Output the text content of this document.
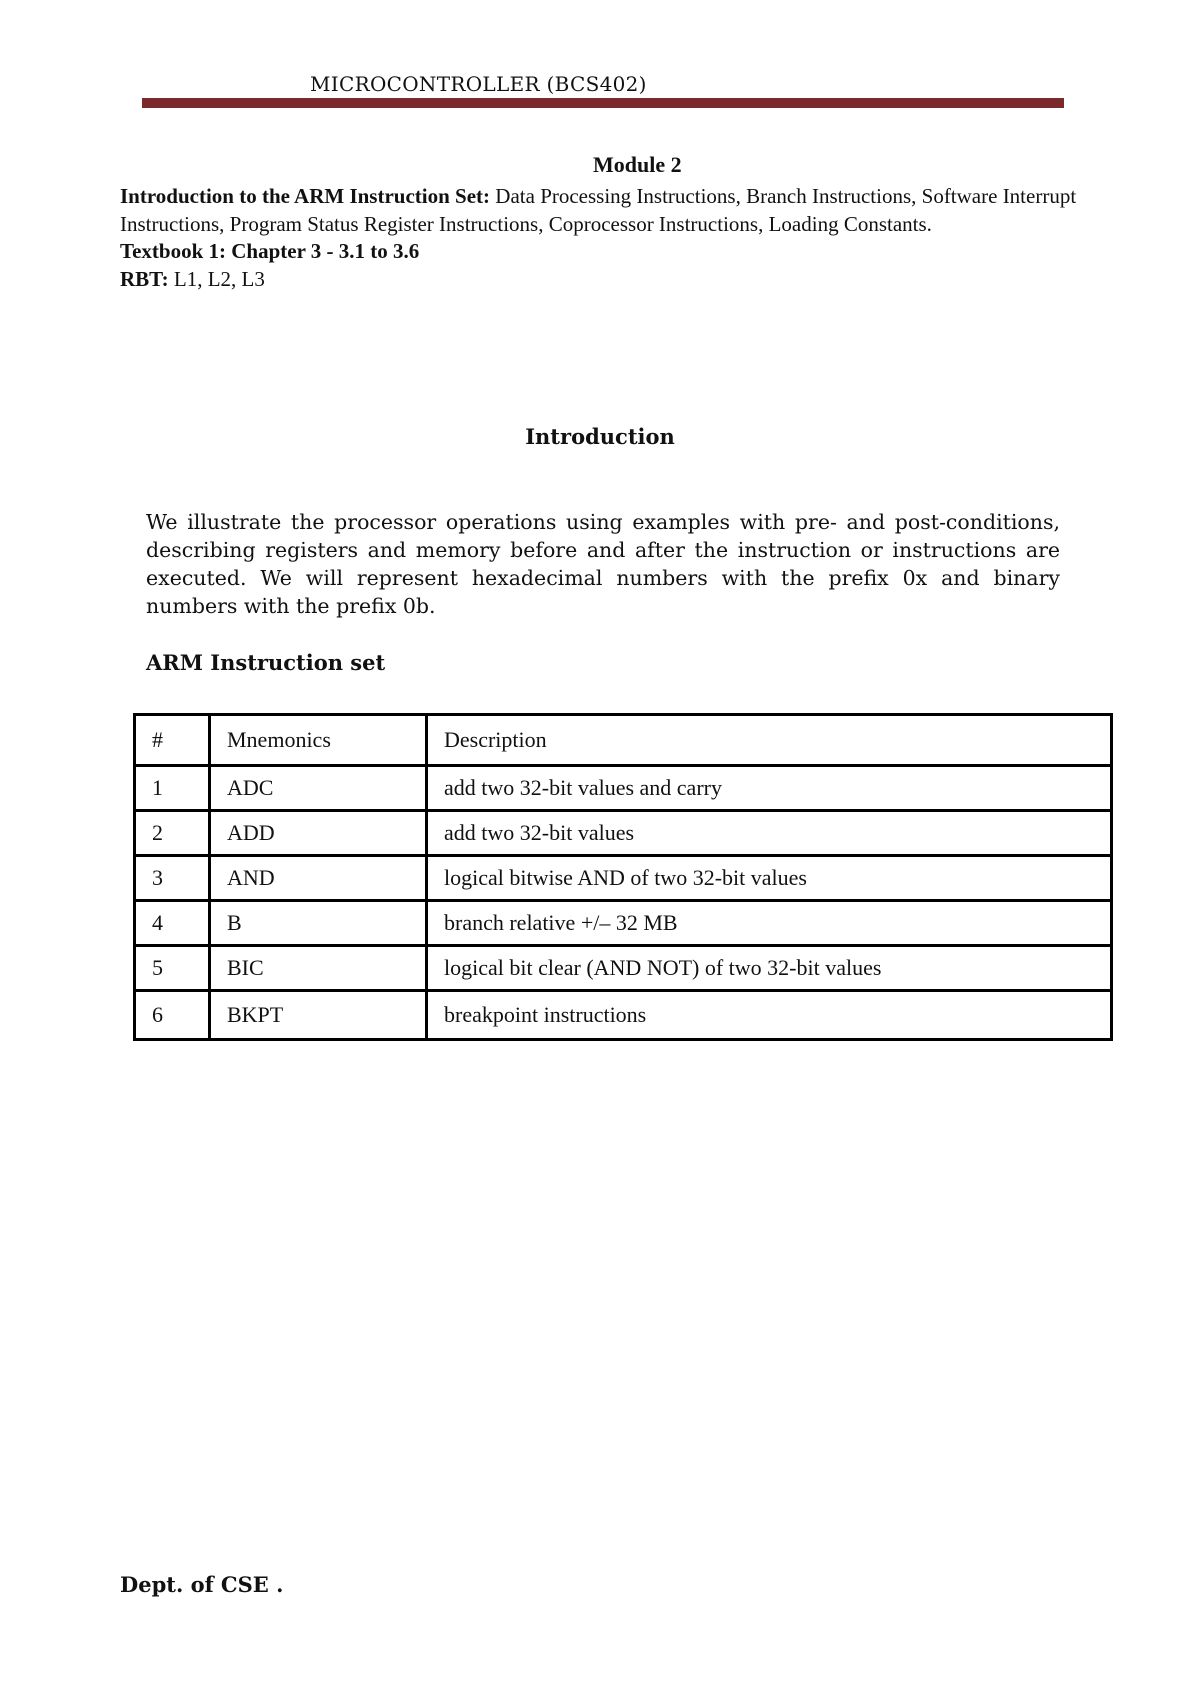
MICROCONTROLLER (BCS402)
Module 2
Introduction to the ARM Instruction Set: Data Processing Instructions, Branch Instructions, Software Interrupt Instructions, Program Status Register Instructions, Coprocessor Instructions, Loading Constants.
Textbook 1: Chapter 3 - 3.1 to 3.6
RBT: L1, L2, L3
Introduction
We illustrate the processor operations using examples with pre- and post-conditions, describing registers and memory before and after the instruction or instructions are executed. We will represent hexadecimal numbers with the prefix 0x and binary numbers with the prefix 0b.
ARM Instruction set
#	Mnemonics	Description
1	ADC	add two 32-bit values and carry
2	ADD	add two 32-bit values
3	AND	logical bitwise AND of two 32-bit values
4	B	branch relative +/– 32 MB
5	BIC	logical bit clear (AND NOT) of two 32-bit values
6	BKPT	breakpoint instructions
Dept. of CSE .
